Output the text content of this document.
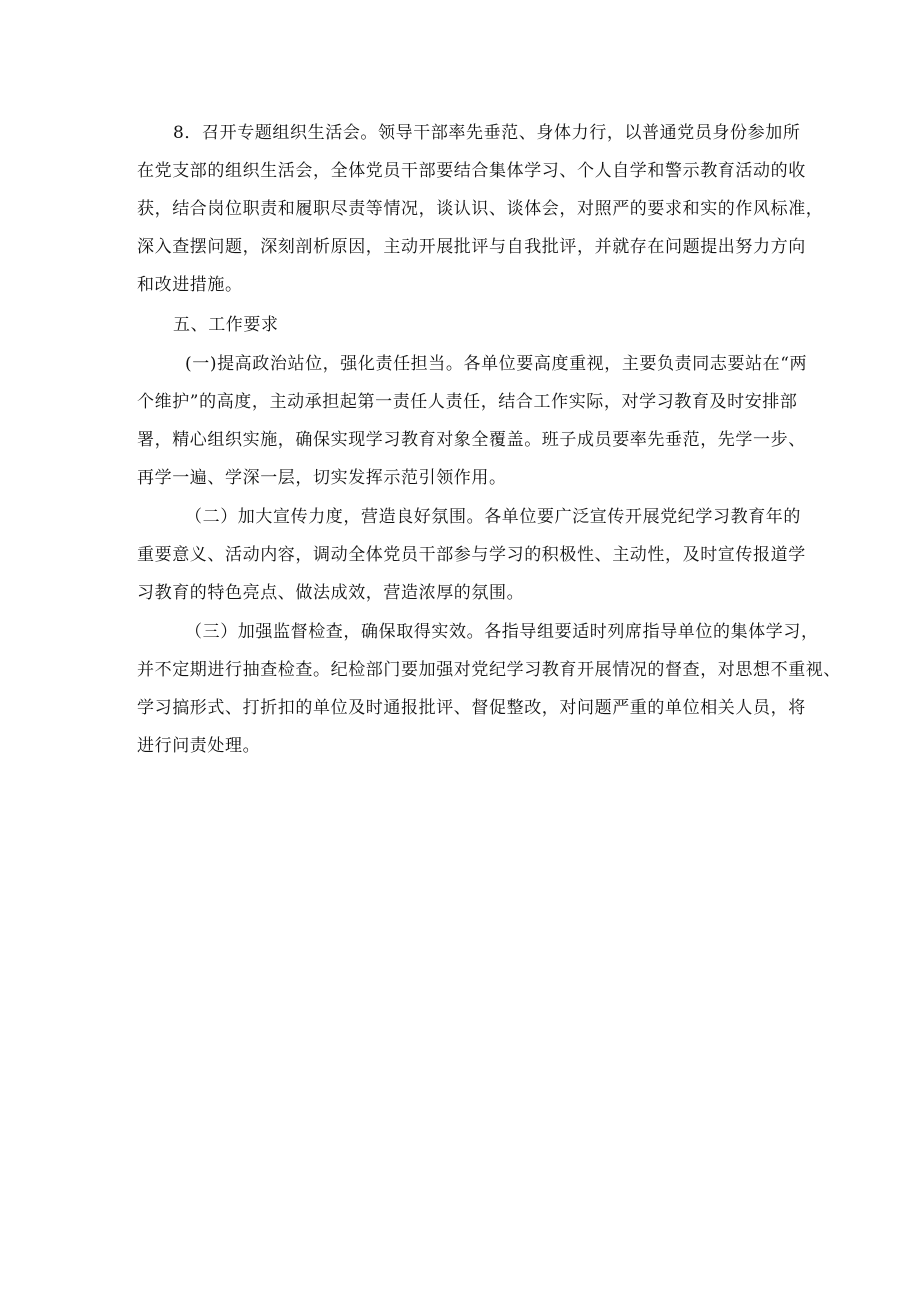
8．召开专题组织生活会。领导干部率先垂范、身体力行，以普通党员身份参加所
在党支部的组织生活会，全体党员干部要结合集体学习、个人自学和警示教育活动的收
获，结合岗位职责和履职尽责等情况，谈认识、谈体会，对照严的要求和实的作风标准，
深入查摆问题，深刻剖析原因，主动开展批评与自我批评，并就存在问题提出努力方向
和改进措施。
五、工作要求
(一)提高政治站位，强化责任担当。各单位要高度重视，主要负责同志要站在“两
个维护”的高度，主动承担起第一责任人责任，结合工作实际，对学习教育及时安排部
署，精心组织实施，确保实现学习教育对象全覆盖。班子成员要率先垂范，先学一步、
再学一遍、学深一层，切实发挥示范引领作用。
（二）加大宣传力度，营造良好氛围。各单位要广泛宣传开展党纪学习教育年的
重要意义、活动内容，调动全体党员干部参与学习的积极性、主动性，及时宣传报道学
习教育的特色亮点、做法成效，营造浓厚的氛围。
（三）加强监督检查，确保取得实效。各指导组要适时列席指导单位的集体学习，
并不定期进行抽查检查。纪检部门要加强对党纪学习教育开展情况的督查，对思想不重视、
学习搞形式、打折扣的单位及时通报批评、督促整改，对问题严重的单位相关人员，将
进行问责处理。
